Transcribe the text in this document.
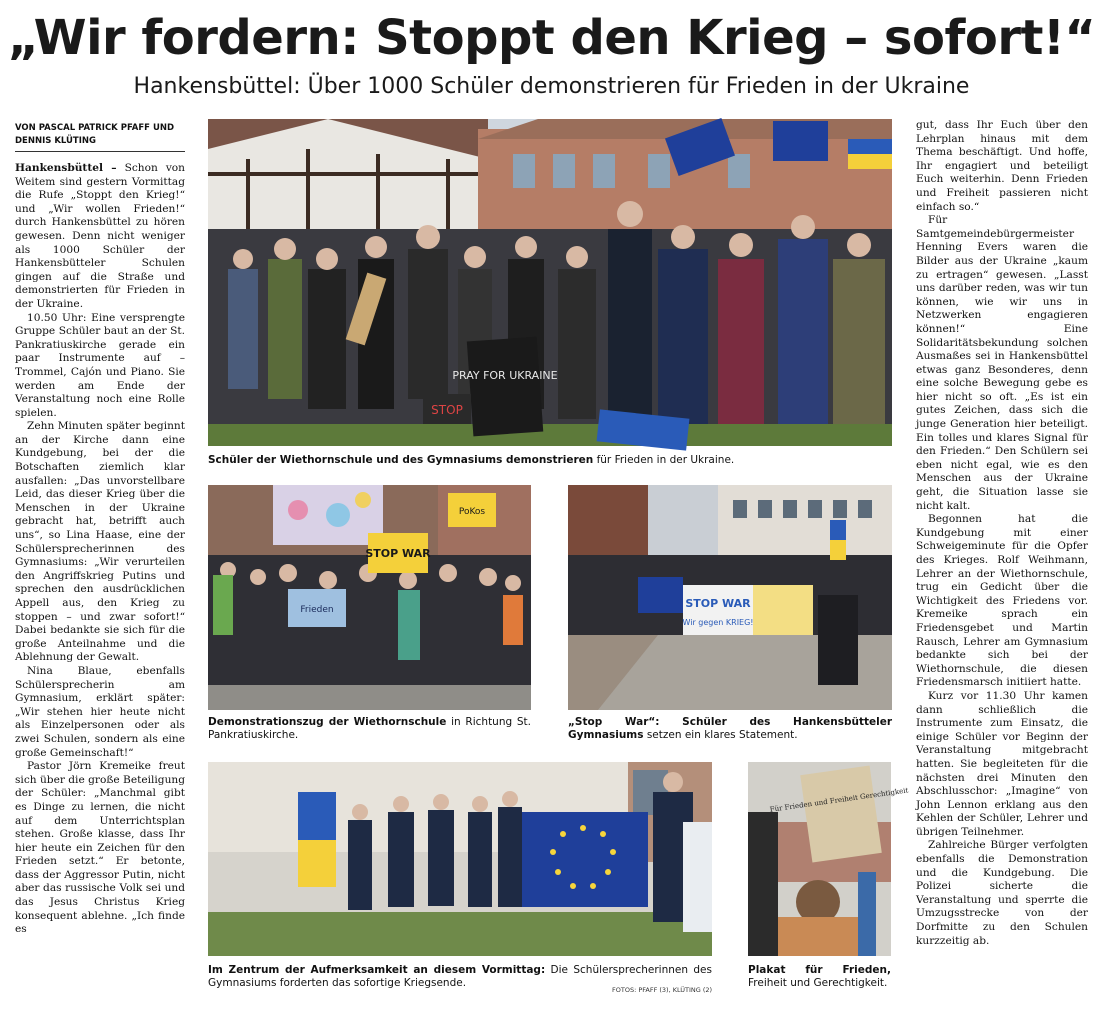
„Wir fordern: Stoppt den Krieg – sofort!“
Hankensbüttel: Über 1000 Schüler demonstrieren für Frieden in der Ukraine
VON PASCAL PATRICK PFAFF UND DENNIS KLÜTING

Hankensbüttel – Schon von Weitem sind gestern Vormittag die Rufe „Stoppt den Krieg!“ und „Wir wollen Frieden!“ durch Hankensbüttel zu hören gewesen. Denn nicht weniger als 1000 Schüler der Hankensbütteler Schulen gingen auf die Straße und demonstrierten für Frieden in der Ukraine.

10.50 Uhr: Eine versprengte Gruppe Schüler baut an der St. Pankratiuskirche gerade ein paar Instrumente auf – Trommel, Cajón und Piano. Sie werden am Ende der Veranstaltung noch eine Rolle spielen.

Zehn Minuten später beginnt an der Kirche dann eine Kundgebung, bei der die Botschaften ziemlich klar ausfallen: „Das unvorstellbare Leid, das dieser Krieg über die Menschen in der Ukraine gebracht hat, betrifft auch uns“, so Lina Haase, eine der Schülersprecherinnen des Gymnasiums: „Wir verurteilen den Angriffskrieg Putins und sprechen den ausdrücklichen Appell aus, den Krieg zu stoppen – und zwar sofort!“ Dabei bedankte sie sich für die große Anteilnahme und die Ablehnung der Gewalt.

Nina Blaue, ebenfalls Schülersprecherin am Gymnasium, erklärt später: „Wir stehen hier heute nicht als Einzelpersonen oder als zwei Schulen, sondern als eine große Gemeinschaft!“

Pastor Jörn Kremeike freut sich über die große Beteiligung der Schüler: „Manchmal gibt es Dinge zu lernen, die nicht auf dem Unterrichtsplan stehen. Große klasse, dass Ihr hier heute ein Zeichen für den Frieden setzt.“ Er betonte, dass der Aggressor Putin, nicht aber das russische Volk sei und das Jesus Christus Krieg konsequent ablehne. „Ich finde es

gut, dass Ihr Euch über den Lehrplan hinaus mit dem Thema beschäftigt. Und hoffe, Ihr engagiert und beteiligt Euch weiterhin. Denn Frieden und Freiheit passieren nicht einfach so.“

Für Samtgemeindebürgermeister Henning Evers waren die Bilder aus der Ukraine „kaum zu ertragen“ gewesen. „Lasst uns darüber reden, was wir tun können, wie wir uns in Netzwerken engagieren können!“ Eine Solidaritätsbekundung solchen Ausmaßes sei in Hankensbüttel etwas ganz Besonderes, denn eine solche Bewegung gebe es hier nicht so oft. „Es ist ein gutes Zeichen, dass sich die junge Generation hier beteiligt. Ein tolles und klares Signal für den Frieden.“ Den Schülern sei eben nicht egal, wie es den Menschen aus der Ukraine geht, die Situation lasse sie nicht kalt.

Begonnen hat die Kundgebung mit einer Schweigeminute für die Opfer des Krieges. Rolf Weihmann, Lehrer an der Wiethornschule, trug ein Gedicht über die Wichtigkeit des Friedens vor. Kremeike sprach ein Friedensgebet und Martin Rausch, Lehrer am Gymnasium bedankte sich bei der Wiethornschule, die diesen Friedensmarsch initiiert hatte.

Kurz vor 11.30 Uhr kamen dann schließlich die Instrumente zum Einsatz, die einige Schüler vor Beginn der Veranstaltung mitgebracht hatten. Sie begleiteten für die nächsten drei Minuten den Abschlusschor: „Imagine“ von John Lennon erklang aus den Kehlen der Schüler, Lehrer und übrigen Teilnehmer.

Zahlreiche Bürger verfolgten ebenfalls die Demonstration und die Kundgebung. Die Polizei sicherte die Veranstaltung und sperrte die Umzugsstrecke von der Dorfmitte zu den Schulen kurzzeitig ab.

PRAY FOR UKRAINE
STOP
Schüler der Wiethornschule und des Gymnasiums demonstrieren für Frieden in der Ukraine.
STOP WAR
PoKos
Frieden
Demonstrationszug der Wiethornschule in Richtung St. Pankratiuskirche.
STOP WAR
Wir gegen KRIEG!
„Stop War“: Schüler des Hankensbütteler Gymnasiums setzen ein klares Statement.
Im Zentrum der Aufmerksamkeit an diesem Vormittag: Die Schülersprecherinnen des Gymnasiums forderten das sofortige Kriegsende.
FOTOS: PFAFF (3), KLÜTING (2)
Für Frieden und Freiheit Gerechtigkeit
Plakat für Frieden, Freiheit und Gerechtigkeit.
